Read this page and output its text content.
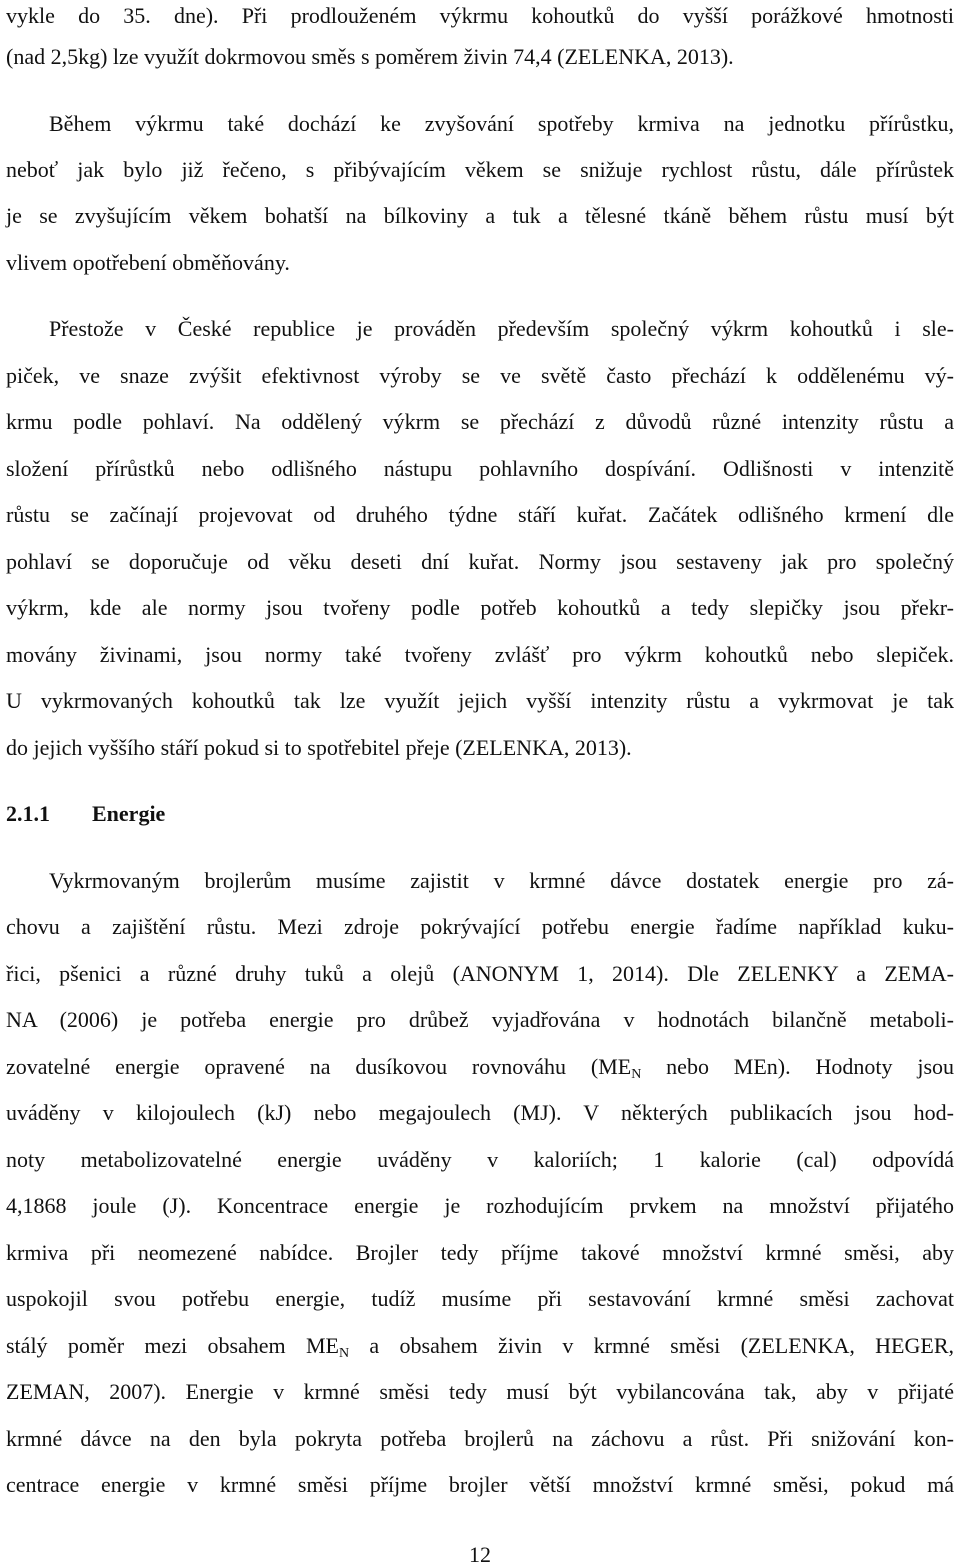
vykle do 35. dne). Při prodlouženém výkrmu kohoutků do vyšší porážkové hmotnosti

(nad 2,5kg) lze využít dokrmovou směs s poměrem živin 74,4 (ZELENKA, 2013).

Během výkrmu také dochází ke zvyšování spotřeby krmiva na jednotku přírůstku,

neboť jak bylo již řečeno, s přibývajícím věkem se snižuje rychlost růstu, dále přírůstek

je se zvyšujícím věkem bohatší na bílkoviny a tuk a tělesné tkáně během růstu musí být

vlivem opotřebení obměňovány.

Přestože v České republice je prováděn především společný výkrm kohoutků i sle-

piček, ve snaze zvýšit efektivnost výroby se ve světě často přechází k oddělenému vý-

krmu podle pohlaví. Na oddělený výkrm se přechází z důvodů různé intenzity růstu a

složení přírůstků nebo odlišného nástupu pohlavního dospívání. Odlišnosti v intenzitě

růstu se začínají projevovat od druhého týdne stáří kuřat. Začátek odlišného krmení dle

pohlaví se doporučuje od věku deseti dní kuřat. Normy jsou sestaveny jak pro společný

výkrm, kde ale normy jsou tvořeny podle potřeb kohoutků a tedy slepičky jsou překr-

movány živinami, jsou normy také tvořeny zvlášť pro výkrm kohoutků nebo slepiček.

U vykrmovaných kohoutků tak lze využít jejich vyšší intenzity růstu a vykrmovat je tak

do jejich vyššího stáří pokud si to spotřebitel přeje (ZELENKA, 2013).

2.1.1 Energie

Vykrmovaným brojlerům musíme zajistit v krmné dávce dostatek energie pro zá-

chovu a zajištění růstu. Mezi zdroje pokrývající potřebu energie řadíme například kuku-

řici, pšenici a různé druhy tuků a olejů (ANONYM 1, 2014). Dle ZELENKY a ZEMA-

NA (2006) je potřeba energie pro drůbež vyjadřována v hodnotách bilančně metaboli-

zovatelné energie opravené na dusíkovou rovnováhu ($ME_N$ nebo MEn). Hodnoty jsou

uváděny v kilojoulech (kJ) nebo megajoulech (MJ). V některých publikacích jsou hod-

noty metabolizovatelné energie uváděny v kaloriích; 1 kalorie (cal) odpovídá

4,1868 joule (J). Koncentrace energie je rozhodujícím prvkem na množství přijatého

krmiva při neomezené nabídce. Brojler tedy příjme takové množství krmné směsi, aby

uspokojil svou potřebu energie, tudíž musíme při sestavování krmné směsi zachovat

stálý poměr mezi obsahem $ME_N$ a obsahem živin v krmné směsi (ZELENKA, HEGER,

ZEMAN, 2007). Energie v krmné směsi tedy musí být vybilancována tak, aby v přijaté

krmné dávce na den byla pokryta potřeba brojlerů na záchovu a růst. Při snižování kon-

centrace energie v krmné směsi příjme brojler větší množství krmné směsi, pokud má

12
